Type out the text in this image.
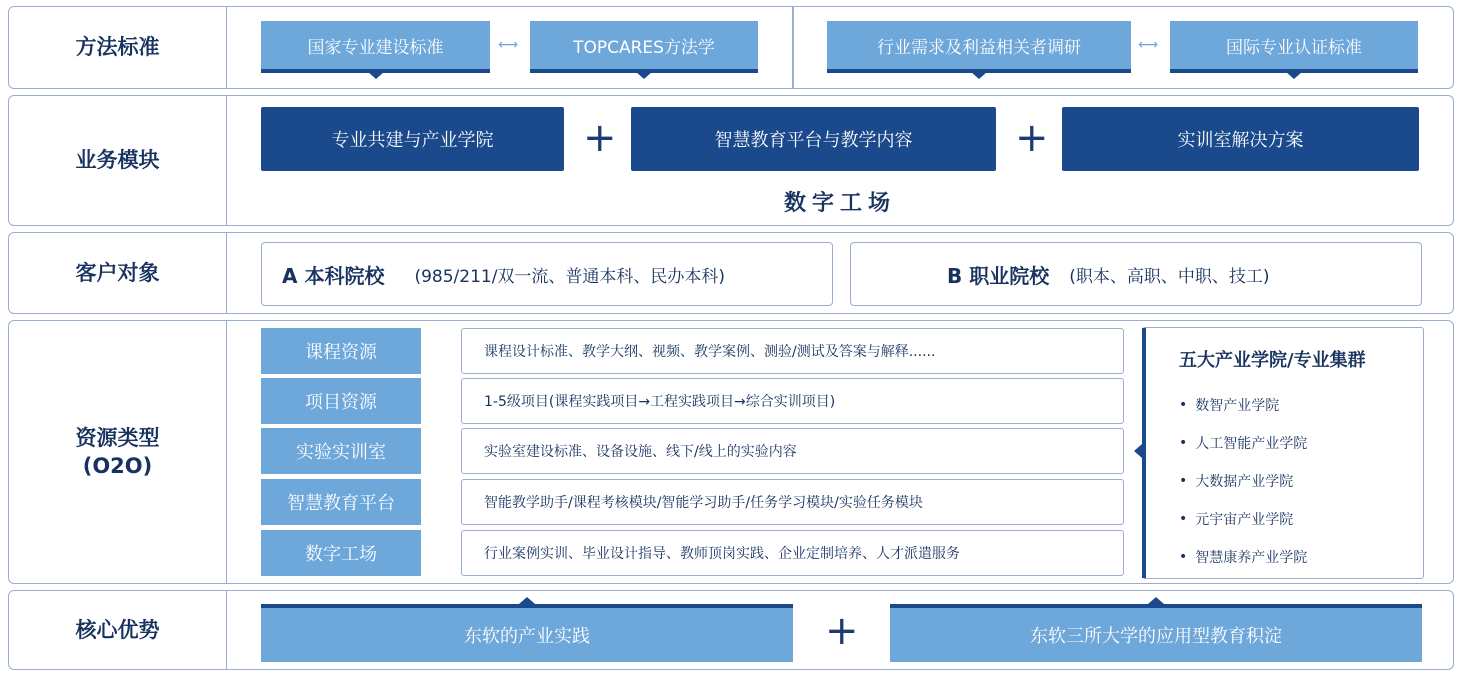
方法标准	国家专业建设标准	⟷	TOPCARES方法学	行业需求及利益相关者调研	⟷	国际专业认证标准
业务模块
专业共建与产业学院	+	智慧教育平台与教学内容	+	实训室解决方案
数字工场
客户对象	A 本科院校 (985/211/双一流、普通本科、民办本科)	B 职业院校 (职本、高职、中职、技工)
资源类型
(O2O)
课程资源	课程设计标准、教学大纲、视频、教学案例、测验/测试及答案与解释......
项目资源	1-5级项目(课程实践项目→工程实践项目→综合实训项目)
实验实训室	实验室建设标准、设备设施、线下/线上的实验内容
智慧教育平台	智能教学助手/课程考核模块/智能学习助手/任务学习模块/实验任务模块
数字工场	行业案例实训、毕业设计指导、教师顶岗实践、企业定制培养、人才派遣服务
五大产业学院/专业集群
• 数智产业学院
• 人工智能产业学院
• 大数据产业学院
• 元宇宙产业学院
• 智慧康养产业学院
核心优势	东软的产业实践	+	东软三所大学的应用型教育积淀
